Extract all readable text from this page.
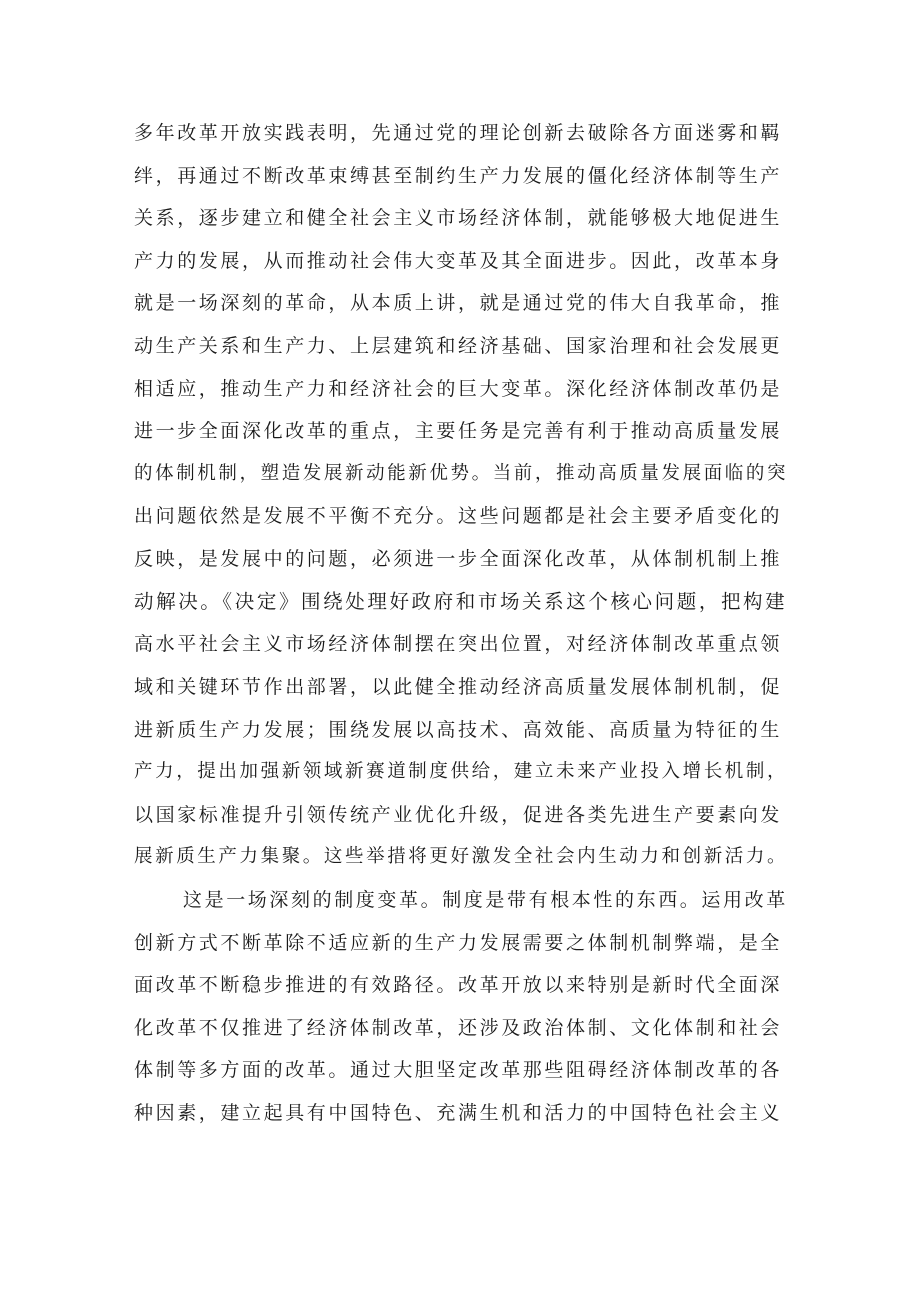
多年改革开放实践表明，先通过党的理论创新去破除各方面迷雾和羁
绊，再通过不断改革束缚甚至制约生产力发展的僵化经济体制等生产
关系，逐步建立和健全社会主义市场经济体制，就能够极大地促进生
产力的发展，从而推动社会伟大变革及其全面进步。因此，改革本身
就是一场深刻的革命，从本质上讲，就是通过党的伟大自我革命，推
动生产关系和生产力、上层建筑和经济基础、国家治理和社会发展更
相适应，推动生产力和经济社会的巨大变革。深化经济体制改革仍是
进一步全面深化改革的重点，主要任务是完善有利于推动高质量发展
的体制机制，塑造发展新动能新优势。当前，推动高质量发展面临的突
出问题依然是发展不平衡不充分。这些问题都是社会主要矛盾变化的
反映，是发展中的问题，必须进一步全面深化改革，从体制机制上推
动解决。《决定》围绕处理好政府和市场关系这个核心问题，把构建
高水平社会主义市场经济体制摆在突出位置，对经济体制改革重点领
域和关键环节作出部署，以此健全推动经济高质量发展体制机制，促
进新质生产力发展；围绕发展以高技术、高效能、高质量为特征的生
产力，提出加强新领域新赛道制度供给，建立未来产业投入增长机制，
以国家标准提升引领传统产业优化升级，促进各类先进生产要素向发
展新质生产力集聚。这些举措将更好激发全社会内生动力和创新活力。
这是一场深刻的制度变革。制度是带有根本性的东西。运用改革
创新方式不断革除不适应新的生产力发展需要之体制机制弊端，是全
面改革不断稳步推进的有效路径。改革开放以来特别是新时代全面深
化改革不仅推进了经济体制改革，还涉及政治体制、文化体制和社会
体制等多方面的改革。通过大胆坚定改革那些阻碍经济体制改革的各
种因素，建立起具有中国特色、充满生机和活力的中国特色社会主义
